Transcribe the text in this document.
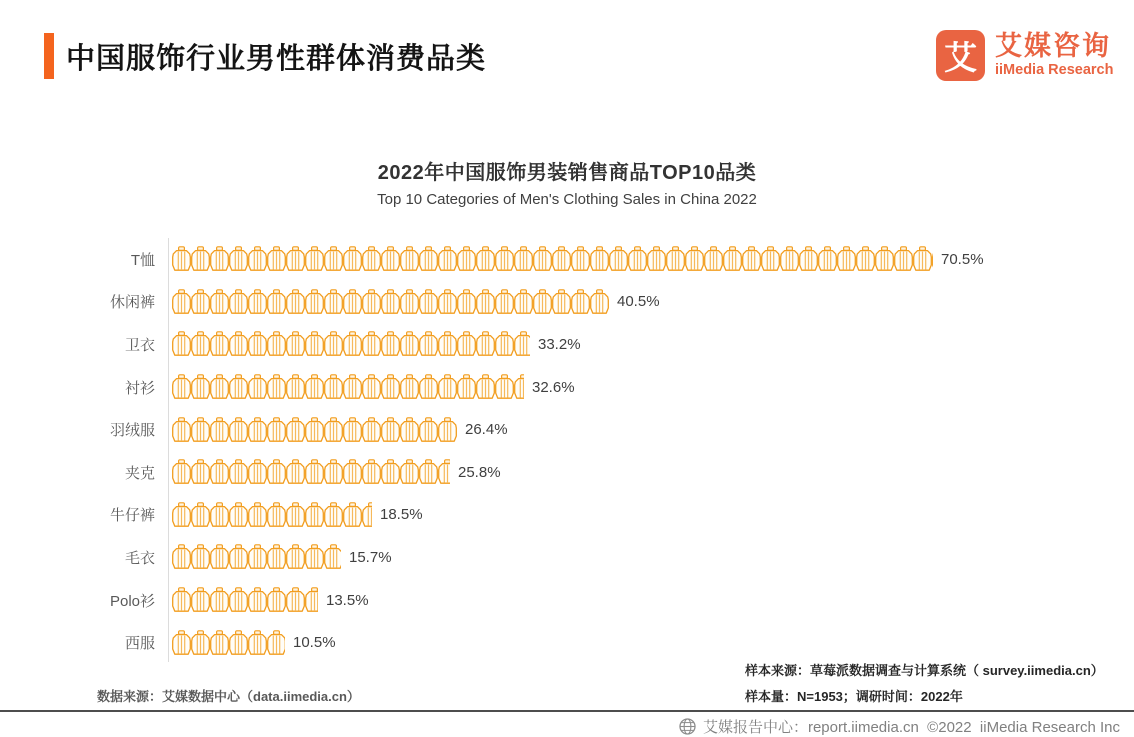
中国服饰行业男性群体消费品类	艾 艾媒咨询
iiMedia Research
2022年中国服饰男装销售商品TOP10品类
Top 10 Categories of Men's Clothing Sales in China 2022
T恤	70.5%
休闲裤	40.5%
卫衣	33.2%
衬衫	32.6%
羽绒服	26.4%
夹克	25.8%
牛仔裤	18.5%
毛衣	15.7%
Polo衫	13.5%
西服	10.5%
数据来源：艾媒数据中心（data.iimedia.cn）
样本来源：草莓派数据调查与计算系统（ survey.iimedia.cn）
样本量：N=1953；调研时间：2022年
艾媒报告中心：report.iimedia.cn  ©2022  iiMedia Research Inc
